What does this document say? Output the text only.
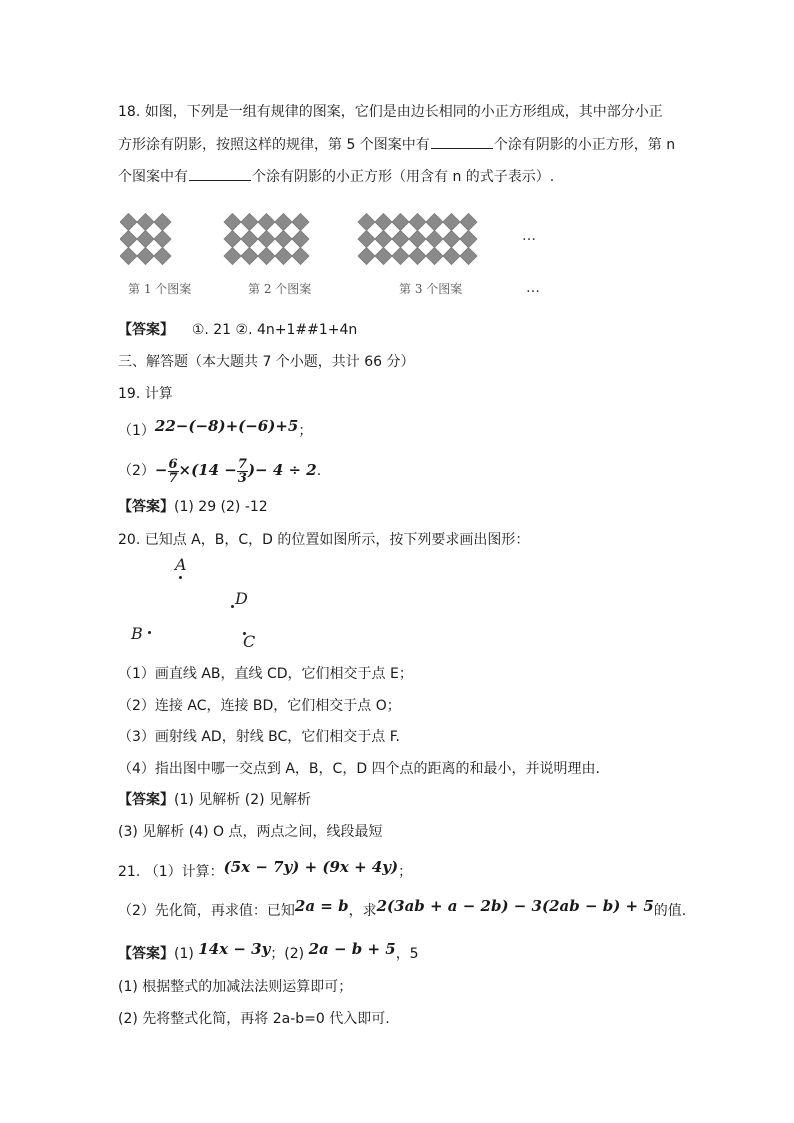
18. 如图，下列是一组有规律的图案，它们是由边长相同的小正方形组成，其中部分小正
方形涂有阴影，按照这样的规律，第 5 个图案中有	个涂有阴影的小正方形，第 n
个图案中有	个涂有阴影的小正方形（用含有 n 的式子表示）.
…
第 1 个图案	第 2 个图案	第 3 个图案	…
【答案】 ①. 21 ②. 4n+1##1+4n
三、解答题（本大题共 7 个小题，共计 66 分）
19. 计算
（1）22−(−8)+(−6)+5；
$(2)- \frac{6}{7} \times(14 - \frac{7}{3}$ )− 4 ÷ 2.
【答案】(1) 29 (2) -12
20. 已知点 A，B，C，D 的位置如图所示，按下列要求画出图形：
A
D
B	C
（1）画直线 AB，直线 CD，它们相交于点 E；
（2）连接 AC，连接 BD，它们相交于点 O；
（3）画射线 AD，射线 BC，它们相交于点 F.
（4）指出图中哪一交点到 A，B，C，D 四个点的距离的和最小，并说明理由.
【答案】(1) 见解析 (2) 见解析
(3) 见解析 (4) O 点，两点之间，线段最短
21. （1）计算：(5x − 7y) + (9x + 4y)；
（2）先化简，再求值：已知2a = b，求2(3ab + a − 2b) − 3(2ab − b) + 5的值.
【答案】(1) 14x − 3y；(2) 2a − b + 5，5
(1) 根据整式的加减法法则运算即可；
(2) 先将整式化简，再将 2a-b=0 代入即可.
